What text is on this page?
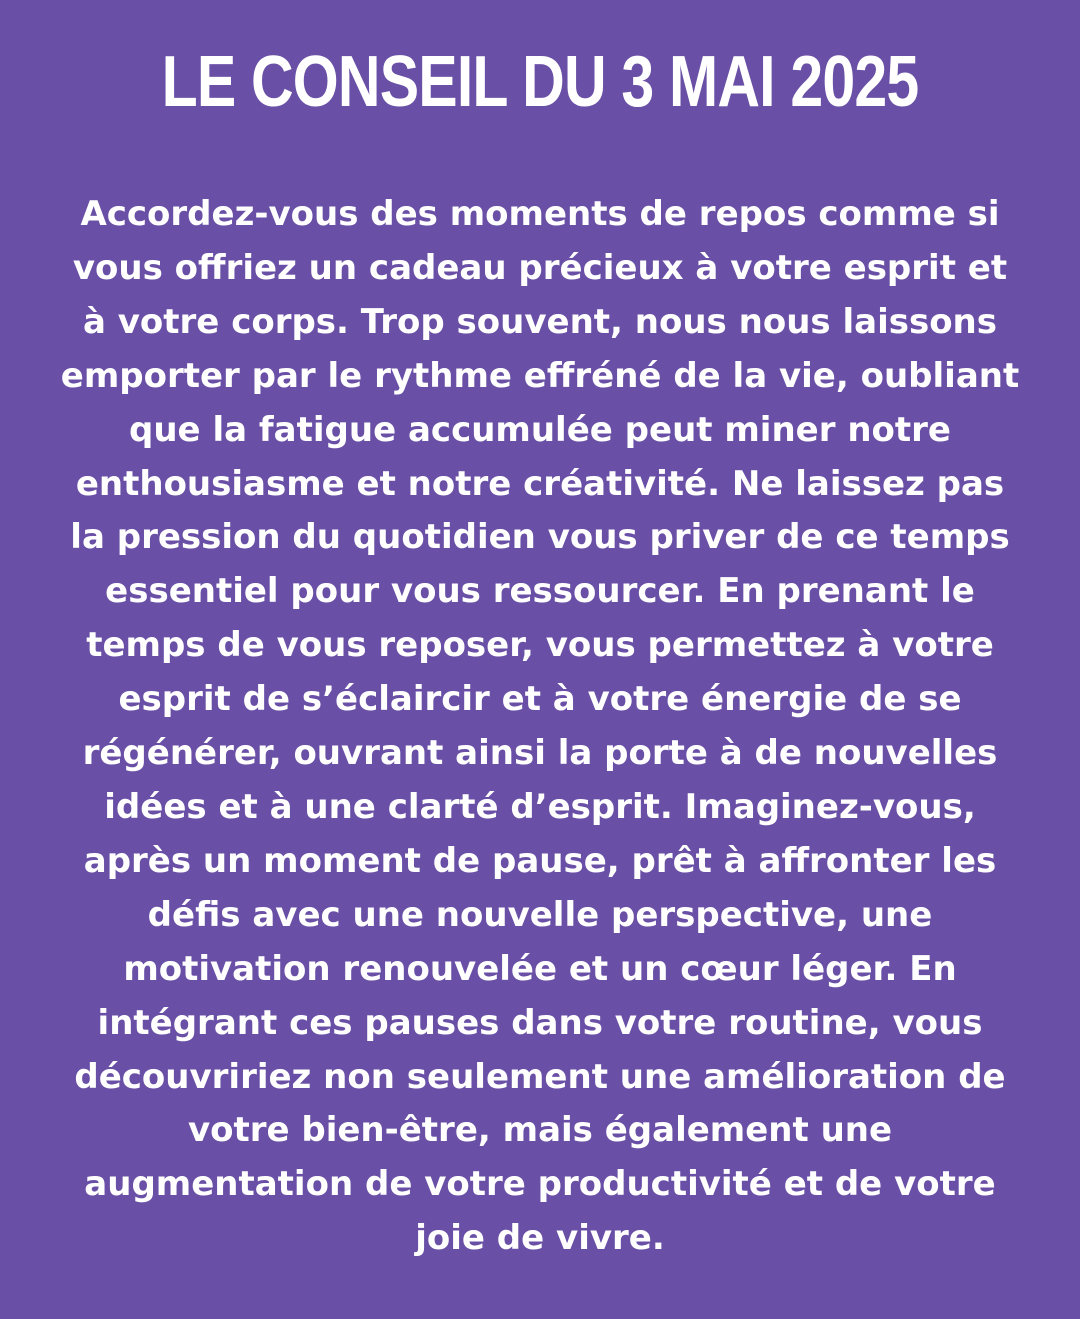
LE CONSEIL DU 3 MAI 2025
Accordez-vous des moments de repos comme si
vous offriez un cadeau précieux à votre esprit et
à votre corps. Trop souvent, nous nous laissons
emporter par le rythme effréné de la vie, oubliant
que la fatigue accumulée peut miner notre
enthousiasme et notre créativité. Ne laissez pas
la pression du quotidien vous priver de ce temps
essentiel pour vous ressourcer. En prenant le
temps de vous reposer, vous permettez à votre
esprit de s’éclaircir et à votre énergie de se
régénérer, ouvrant ainsi la porte à de nouvelles
idées et à une clarté d’esprit. Imaginez-vous,
après un moment de pause, prêt à affronter les
défis avec une nouvelle perspective, une
motivation renouvelée et un cœur léger. En
intégrant ces pauses dans votre routine, vous
découvririez non seulement une amélioration de
votre bien-être, mais également une
augmentation de votre productivité et de votre
joie de vivre.
